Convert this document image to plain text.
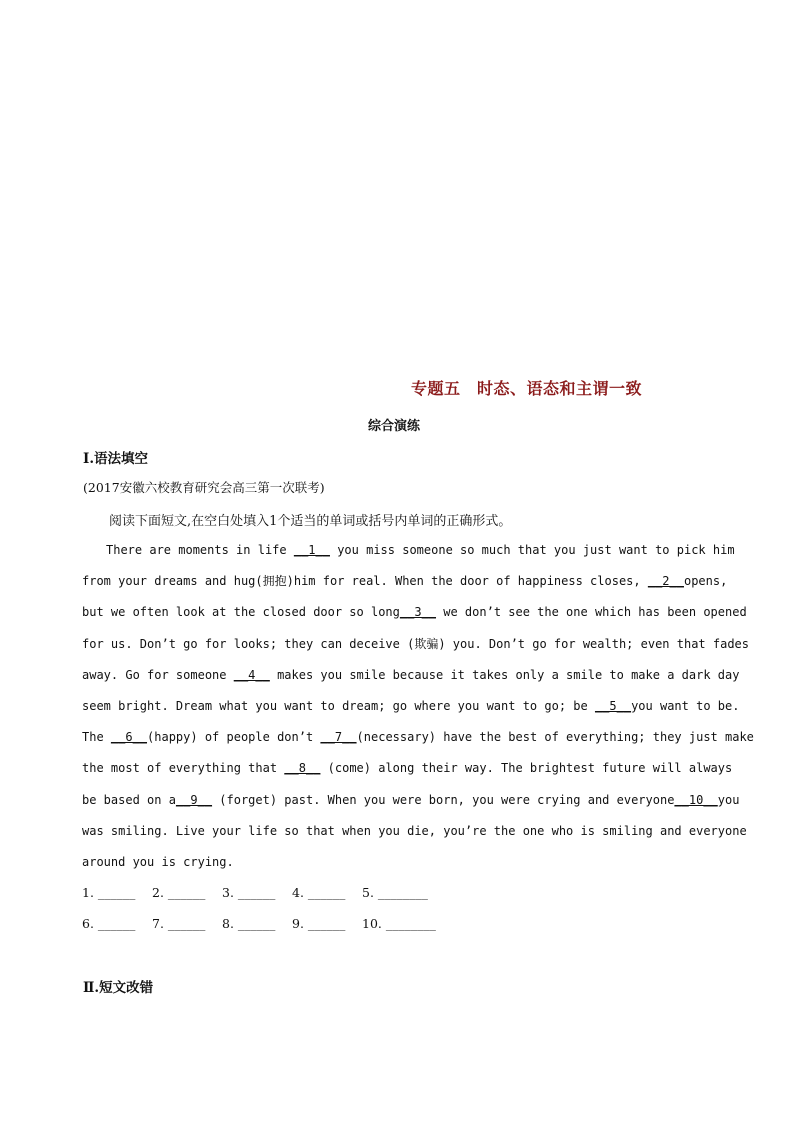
专题五　时态、语态和主谓一致
综合演练
Ⅰ.语法填空
(2017安徽六校教育研究会高三第一次联考)
阅读下面短文,在空白处填入1个适当的单词或括号内单词的正确形式。
　　There are moments in life __1__ you miss someone so much that you just want to pick him
from your dreams and hug(拥抱)him for real. When the door of happiness closes, __2__opens,
but we often look at the closed door so long__3__ we don’t see the one which has been opened
for us. Don’t go for looks; they can deceive (欺骗) you. Don’t go for wealth; even that fades
away. Go for someone __4__ makes you smile because it takes only a smile to make a dark day
seem bright. Dream what you want to dream; go where you want to go; be __5__you want to be.
The __6__(happy) of people don’t __7__(necessary) have the best of everything; they just make
the most of everything that __8__ (come) along their way. The brightest future will always
be based on a__9__ (forget) past. When you were born, you were crying and everyone__10__you
was smiling. Live your life so that when you die, you’re the one who is smiling and everyone
around you is crying.
1. ______ 2. ______ 3. ______ 4. ______ 5. ________
6. ______ 7. ______ 8. ______ 9. ______ 10. ________
Ⅱ.短文改错
